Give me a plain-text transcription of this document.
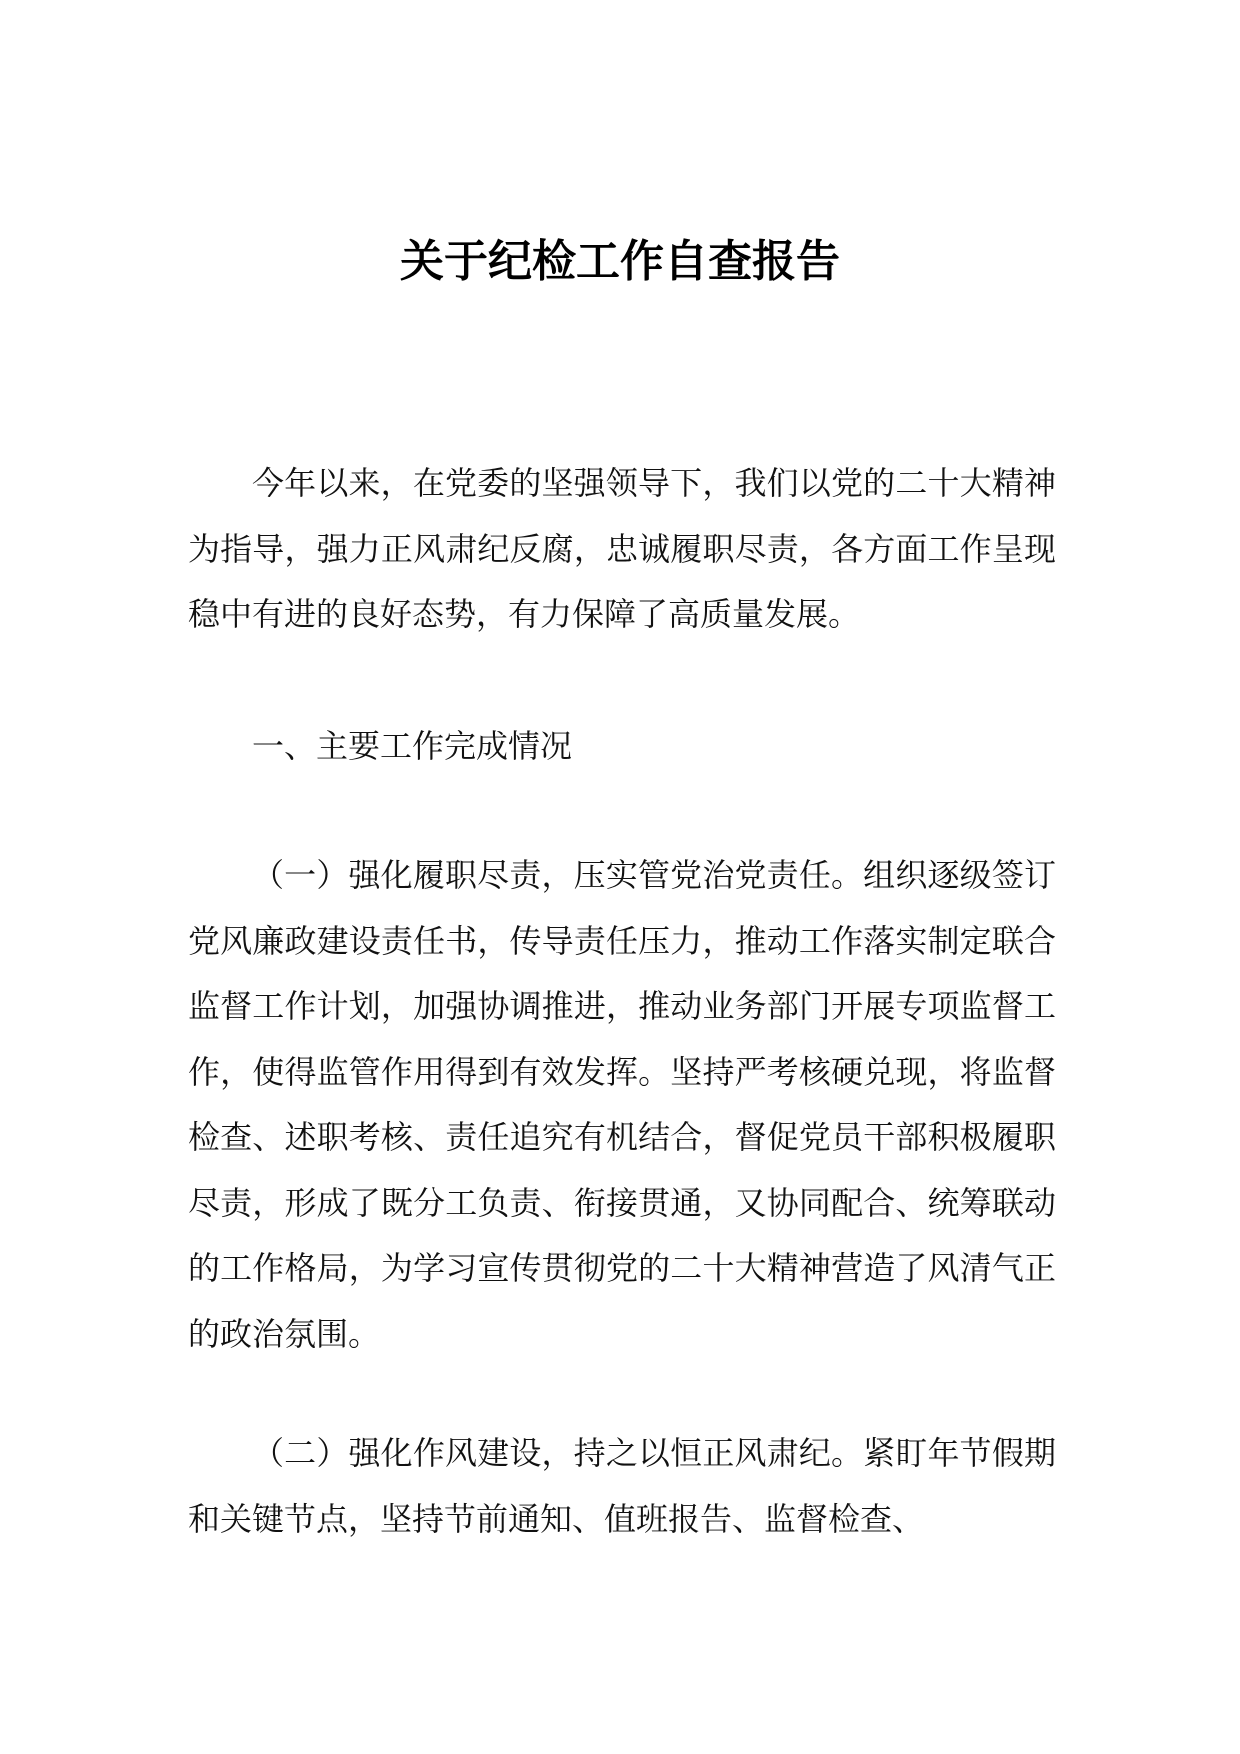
关于纪检工作自查报告

今年以来，在党委的坚强领导下，我们以党的二十大精神为指导，强力正风肃纪反腐，忠诚履职尽责，各方面工作呈现稳中有进的良好态势，有力保障了高质量发展。

一、主要工作完成情况

（一）强化履职尽责，压实管党治党责任。组织逐级签订党风廉政建设责任书，传导责任压力，推动工作落实制定联合监督工作计划，加强协调推进，推动业务部门开展专项监督工作，使得监管作用得到有效发挥。坚持严考核硬兑现，将监督检查、述职考核、责任追究有机结合，督促党员干部积极履职尽责，形成了既分工负责、衔接贯通，又协同配合、统筹联动的工作格局，为学习宣传贯彻党的二十大精神营造了风清气正的政治氛围。

（二）强化作风建设，持之以恒正风肃纪。紧盯年节假期和关键节点，坚持节前通知、值班报告、监督检查、
